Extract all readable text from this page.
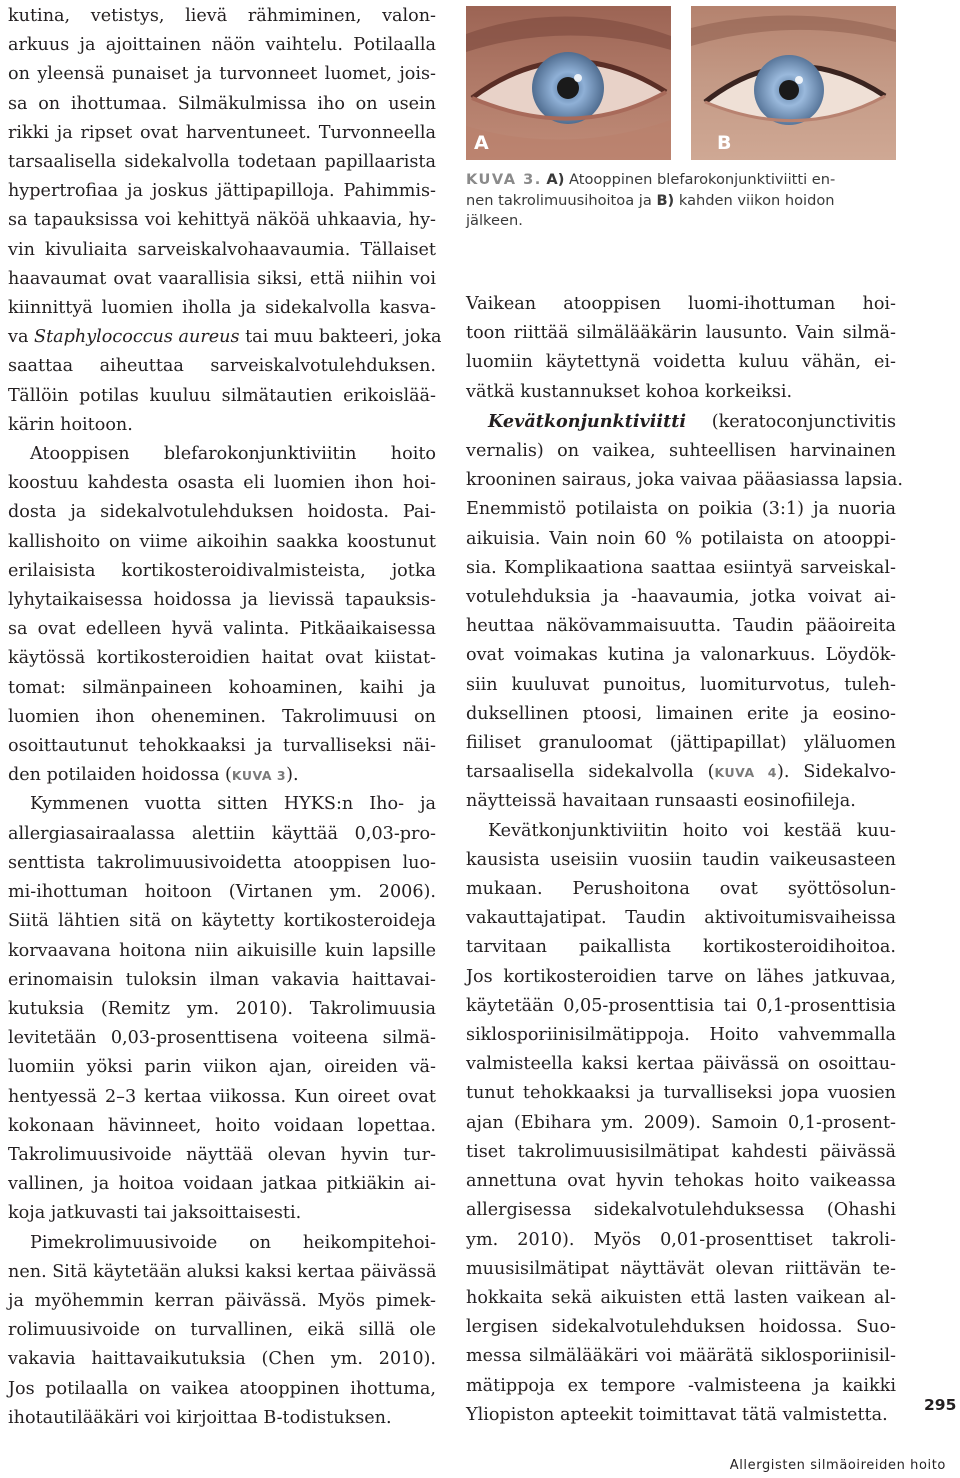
kutina, vetistys, lievä rähmiminen, valon-
arkuus ja ajoittainen näön vaihtelu. Potilaalla
on yleensä punaiset ja turvonneet luomet, jois-
sa on ihottumaa. Silmäkulmissa iho on usein
rikki ja ripset ovat harventuneet. Turvonneella
tarsaalisella sidekalvolla todetaan papillaarista
hypertrofiaa ja joskus jättipapilloja. Pahimmis-
sa tapauksissa voi kehittyä näköä uhkaavia, hy-
vin kivuliaita sarveiskalvohaavaumia. Tällaiset
haavaumat ovat vaarallisia siksi, että niihin voi
kiinnittyä luomien iholla ja sidekalvolla kasva-
va Staphylococcus aureus tai muu bakteeri, joka
saattaa aiheuttaa sarveiskalvotulehduksen.
Tällöin potilas kuuluu silmätautien erikoislää-
kärin hoitoon.
Atooppisen blefarokonjunktiviitin hoito
koostuu kahdesta osasta eli luomien ihon hoi-
dosta ja sidekalvotulehduksen hoidosta. Pai-
kallishoito on viime aikoihin saakka koostunut
erilaisista kortikosteroidivalmisteista, jotka
lyhytaikaisessa hoidossa ja lievissä tapauksis-
sa ovat edelleen hyvä valinta. Pitkäaikaisessa
käytössä kortikosteroidien haitat ovat kiistat-
tomat: silmänpaineen kohoaminen, kaihi ja
luomien ihon oheneminen. Takrolimuusi on
osoittautunut tehokkaaksi ja turvalliseksi näi-
den potilaiden hoidossa (KUVA 3).
Kymmenen vuotta sitten HYKS:n Iho- ja
allergiasairaalassa alettiin käyttää 0,03-pro-
senttista takrolimuusivoidetta atooppisen luo-
mi-ihottuman hoitoon (Virtanen ym. 2006).
Siitä lähtien sitä on käytetty kortikosteroideja
korvaavana hoitona niin aikuisille kuin lapsille
erinomaisin tuloksin ilman vakavia haittavai-
kutuksia (Remitz ym. 2010). Takrolimuusia
levitetään 0,03-prosenttisena voiteena silmä-
luomiin yöksi parin viikon ajan, oireiden vä-
hentyessä 2–3 kertaa viikossa. Kun oireet ovat
kokonaan hävinneet, hoito voidaan lopettaa.
Takrolimuusivoide näyttää olevan hyvin tur-
vallinen, ja hoitoa voidaan jatkaa pitkiäkin ai-
koja jatkuvasti tai jaksoittaisesti.
Pimekrolimuusivoide on heikompitehoi-
nen. Sitä käytetään aluksi kaksi kertaa päivässä
ja myöhemmin kerran päivässä. Myös pimek-
rolimuusivoide on turvallinen, eikä sillä ole
vakavia haittavaikutuksia (Chen ym. 2010).
Jos potilaalla on vaikea atooppinen ihottuma,
ihotautilääkäri voi kirjoittaa B-todistuksen.
A	B
KUVA 3. A) Atooppinen blefarokonjunktiviitti en-
nen takrolimuusihoitoa ja B) kahden viikon hoidon
jälkeen.
Vaikean atooppisen luomi-ihottuman hoi-
toon riittää silmälääkärin lausunto. Vain silmä-
luomiin käytettynä voidetta kuluu vähän, ei-
vätkä kustannukset kohoa korkeiksi.
Kevätkonjunktiviitti (keratoconjunctivitis
vernalis) on vaikea, suhteellisen harvinainen
krooninen sairaus, joka vaivaa pääasiassa lapsia.
Enemmistö potilaista on poikia (3:1) ja nuoria
aikuisia. Vain noin 60 % potilaista on atooppi-
sia. Komplikaationa saattaa esiintyä sarveiskal-
votulehduksia ja -haavaumia, jotka voivat ai-
heuttaa näkövammaisuutta. Taudin pääoireita
ovat voimakas kutina ja valonarkuus. Löydök-
siin kuuluvat punoitus, luomiturvotus, tuleh-
duksellinen ptoosi, limainen erite ja eosino-
fiiliset granuloomat (jättipapillat) yläluomen
tarsaalisella sidekalvolla (KUVA 4). Sidekalvo-
näytteissä havaitaan runsaasti eosinofiileja.
Kevätkonjunktiviitin hoito voi kestää kuu-
kausista useisiin vuosiin taudin vaikeusasteen
mukaan. Perushoitona ovat syöttösolun-
vakauttajatipat. Taudin aktivoitumisvaiheissa
tarvitaan paikallista kortikosteroidihoitoa.
Jos kortikosteroidien tarve on lähes jatkuvaa,
käytetään 0,05-prosenttisia tai 0,1-prosenttisia
siklosporiinisilmätippoja. Hoito vahvemmalla
valmisteella kaksi kertaa päivässä on osoittau-
tunut tehokkaaksi ja turvalliseksi jopa vuosien
ajan (Ebihara ym. 2009). Samoin 0,1-prosent-
tiset takrolimuusisilmätipat kahdesti päivässä
annettuna ovat hyvin tehokas hoito vaikeassa
allergisessa sidekalvotulehduksessa (Ohashi
ym. 2010). Myös 0,01-prosenttiset takroli-
muusisilmätipat näyttävät olevan riittävän te-
hokkaita sekä aikuisten että lasten vaikean al-
lergisen sidekalvotulehduksen hoidossa. Suo-
messa silmälääkäri voi määrätä siklosporiinisil-
mätippoja ex tempore -valmisteena ja kaikki
Yliopiston apteekit toimittavat tätä valmistetta.	295
Allergisten silmäoireiden hoito
